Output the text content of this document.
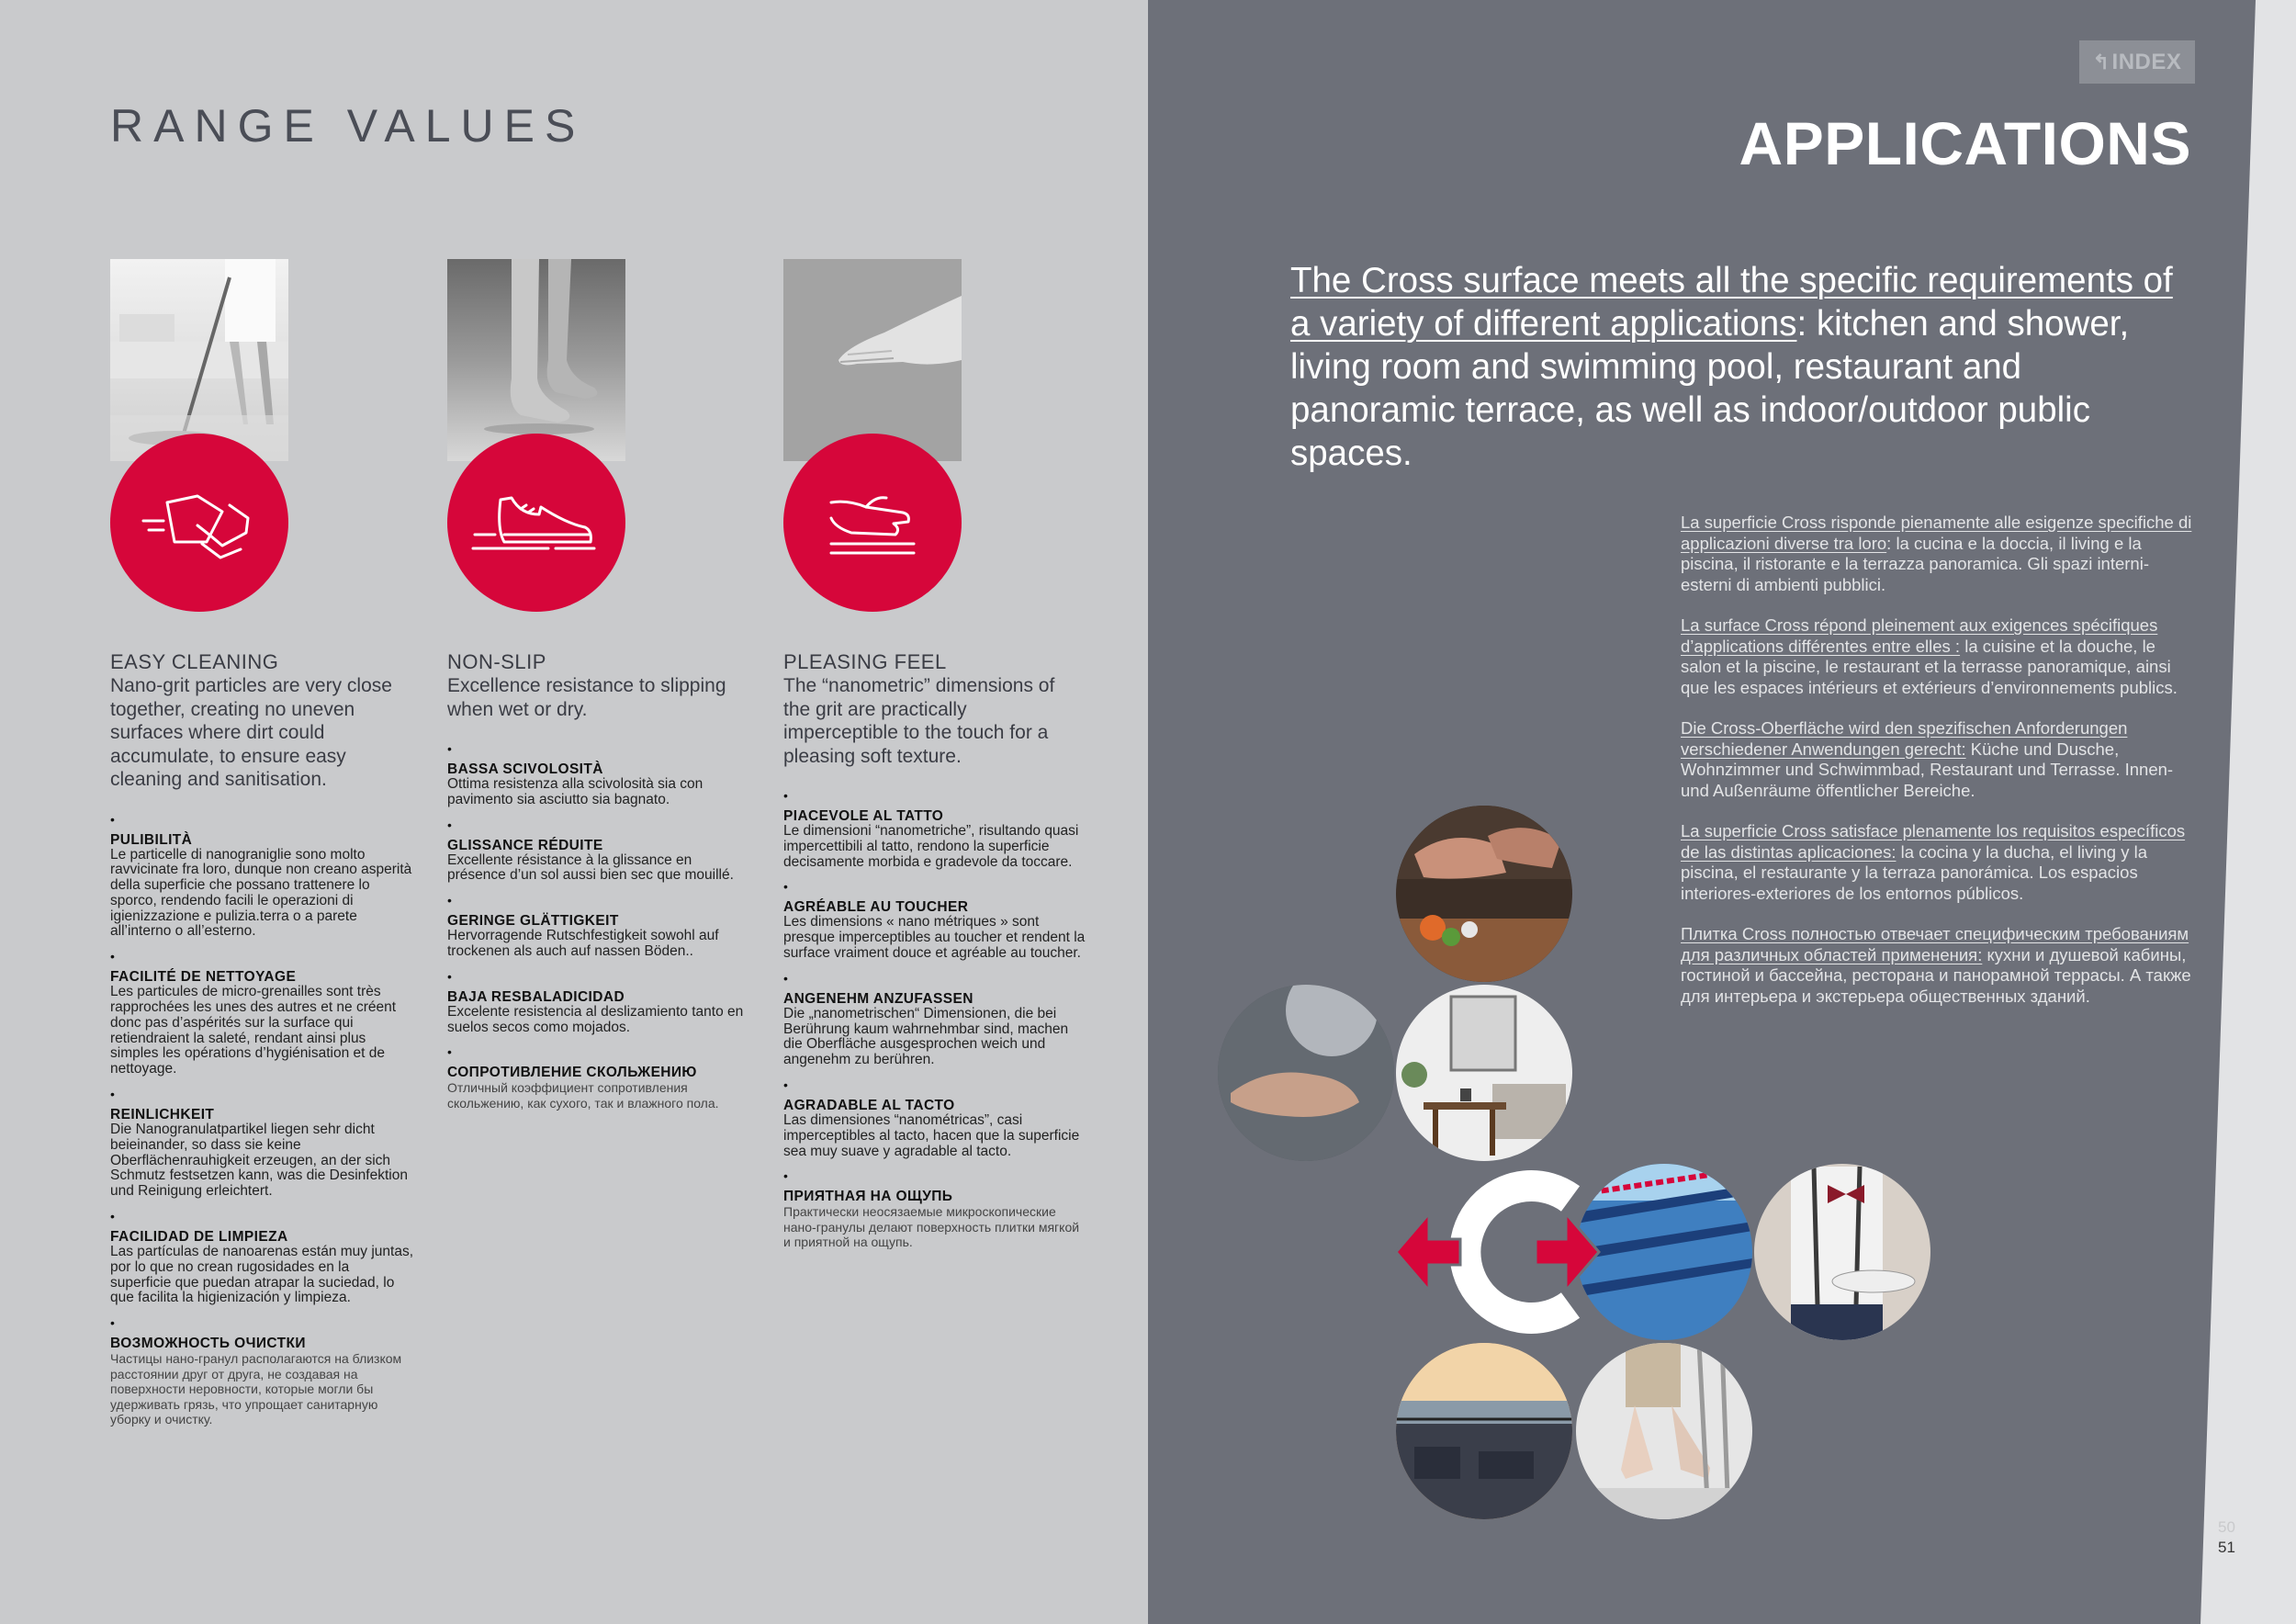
RANGE VALUES
EASY CLEANING
Nano-grit particles are very close together, creating no uneven surfaces where dirt could accumulate, to ensure easy cleaning and sanitisation.
•
PULIBILITÀ
Le particelle di nanograniglie sono molto ravvicinate fra loro, dunque non creano asperità della superficie che possano trattenere lo sporco, rendendo facili le operazioni di igienizzazione e pulizia.terra o a parete all’interno o all’esterno.
•
FACILITÉ DE NETTOYAGE
Les particules de micro-grenailles sont très rapprochées les unes des autres et ne créent donc pas d’aspérités sur la surface qui retiendraient la saleté, rendant ainsi plus simples les opérations d’hygiénisation et de nettoyage.
•
REINLICHKEIT
Die Nanogranulatpartikel liegen sehr dicht beieinander, so dass sie keine Oberflächenrauhigkeit erzeugen, an der sich Schmutz festsetzen kann, was die Desinfektion und Reinigung erleichtert.
•
FACILIDAD DE LIMPIEZA
Las partículas de nanoarenas están muy juntas, por lo que no crean rugosidades en la superficie que puedan atrapar la suciedad, lo que facilita la higienización y limpieza.
•
ВОЗМОЖНОСТЬ ОЧИСТКИ
Частицы нано-гранул располагаются на близком расстоянии друг от друга, не создавая на поверхности неровности, которые могли бы удерживать грязь, что упрощает санитарную уборку и очистку.
NON-SLIP
Excellence resistance to slipping when wet or dry.
•
BASSA SCIVOLOSITÀ
Ottima resistenza alla scivolosità sia con pavimento sia asciutto sia bagnato.
•
GLISSANCE RÉDUITE
Excellente résistance à la glissance en présence d’un sol aussi bien sec que mouillé.
•
GERINGE GLÄTTIGKEIT
Hervorragende Rutschfestigkeit sowohl auf trockenen als auch auf nassen Böden..
•
BAJA RESBALADICIDAD
Excelente resistencia al deslizamiento tanto en suelos secos como mojados.
•
СОПРОТИВЛЕНИЕ СКОЛЬЖЕНИЮ
Отличный коэффициент сопротивления скольжению, как сухого, так и влажного пола.
PLEASING FEEL
The “nanometric” dimensions of the grit are practically imperceptible to the touch for a pleasing soft texture.
•
PIACEVOLE AL TATTO
Le dimensioni “nanometriche”, risultando quasi impercettibili al tatto, rendono la superficie decisamente morbida e gradevole da toccare.
•
AGRÉABLE AU TOUCHER
Les dimensions « nano métriques » sont presque imperceptibles au toucher et rendent la surface vraiment douce et agréable au toucher.
•
ANGENEHM ANZUFASSEN
Die „nanometrischen“ Dimensionen, die bei Berührung kaum wahrnehmbar sind, machen die Oberfläche ausgesprochen weich und angenehm zu berühren.
•
AGRADABLE AL TACTO
Las dimensiones “nanométricas”, casi imperceptibles al tacto, hacen que la superficie sea muy suave y agradable al tacto.
•
ПРИЯТНАЯ НА ОЩУПЬ
Практически неосязаемые микроскопические нано-гранулы делают поверхность плитки мягкой и приятной на ощупь.
↰ INDEX
APPLICATIONS
The Cross surface meets all the specific requirements of a variety of different applications: kitchen and shower, living room and swimming pool, restaurant and panoramic terrace, as well as indoor/outdoor public spaces.

La superficie Cross risponde pienamente alle esigenze specifiche di applicazioni diverse tra loro: la cucina e la doccia, il living e la piscina, il ristorante e la terrazza panoramica. Gli spazi interni-esterni di ambienti pubblici.

La surface Cross répond pleinement aux exigences spécifiques d’applications différentes entre elles : la cuisine et la douche, le salon et la piscine, le restaurant et la terrasse panoramique, ainsi que les espaces intérieurs et extérieurs d’environnements publics.

Die Cross-Oberfläche wird den spezifischen Anforderungen verschiedener Anwendungen gerecht: Küche und Dusche, Wohnzimmer und Schwimmbad, Restaurant und Terrasse. Innen- und Außenräume öffentlicher Bereiche.

La superficie Cross satisface plenamente los requisitos específicos de las distintas aplicaciones: la cocina y la ducha, el living y la piscina, el restaurante y la terraza panorámica. Los espacios interiores-exteriores de los entornos públicos.

Плитка Cross полностью отвечает специфическим требованиям для различных областей применения: кухни и душевой кабины, гостиной и бассейна, ресторана и панорамной террасы. А также для интерьера и экстерьера общественных зданий.

50
51
